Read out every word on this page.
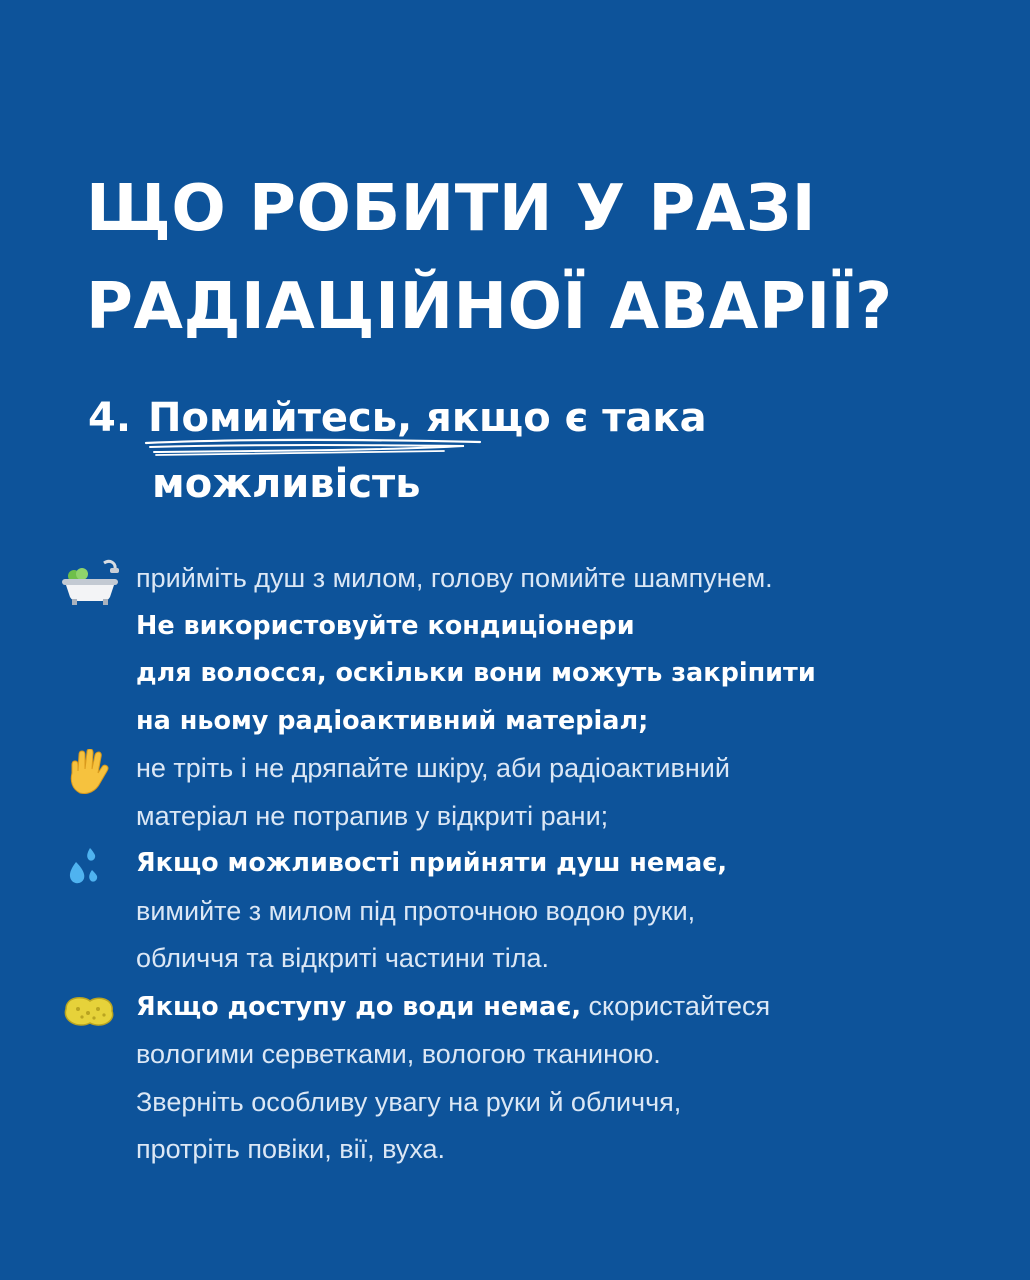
ЩО РОБИТИ У РАЗІ
РАДІАЦІЙНОЇ АВАРІЇ?
4. Помийтесь,
якщо є така
можливість
прийміть душ з милом, голову помийте шампунем.
Не використовуйте кондиціонери
для волосся, оскільки вони можуть закріпити
на ньому радіоактивний матеріал;
не тріть і не дряпайте шкіру, аби радіоактивний
матеріал не потрапив у відкриті рани;
Якщо можливості прийняти душ немає,
вимийте з милом під проточною водою руки,
обличчя та відкриті частини тіла.
Якщо доступу до води немає, скористайтеся
вологими серветками, вологою тканиною.
Зверніть особливу увагу на руки й обличчя,
протріть повіки, вії, вуха.
